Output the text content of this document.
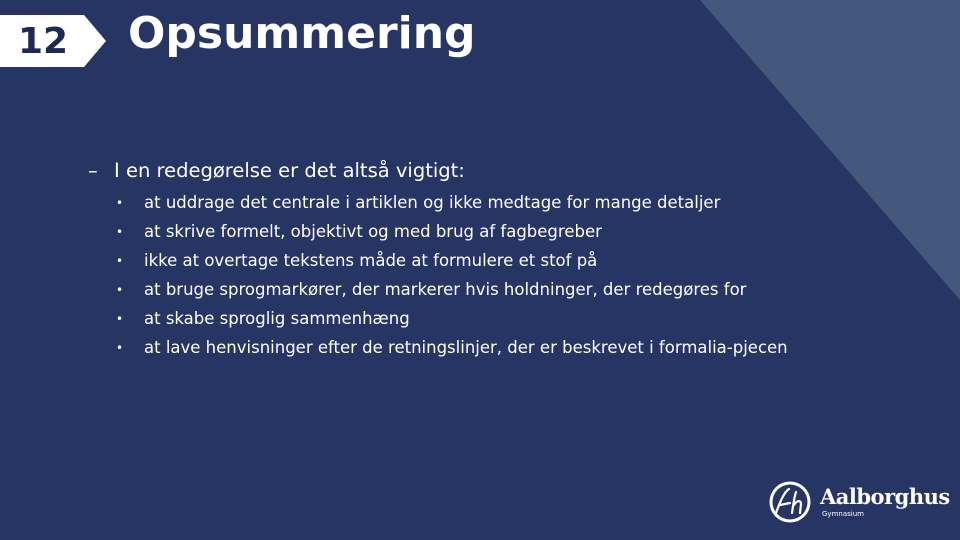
12	Opsummering
– I en redegørelse er det altså vigtigt:
•	at uddrage det centrale i artiklen og ikke medtage for mange detaljer
•	at skrive formelt, objektivt og med brug af fagbegreber
•	ikke at overtage tekstens måde at formulere et stof på
•	at bruge sprogmarkører, der markerer hvis holdninger, der redegøres for
•	at skabe sproglig sammenhæng
•	at lave henvisninger efter de retningslinjer, der er beskrevet i formalia-pjecen
Aalborghus
Gymnasium
